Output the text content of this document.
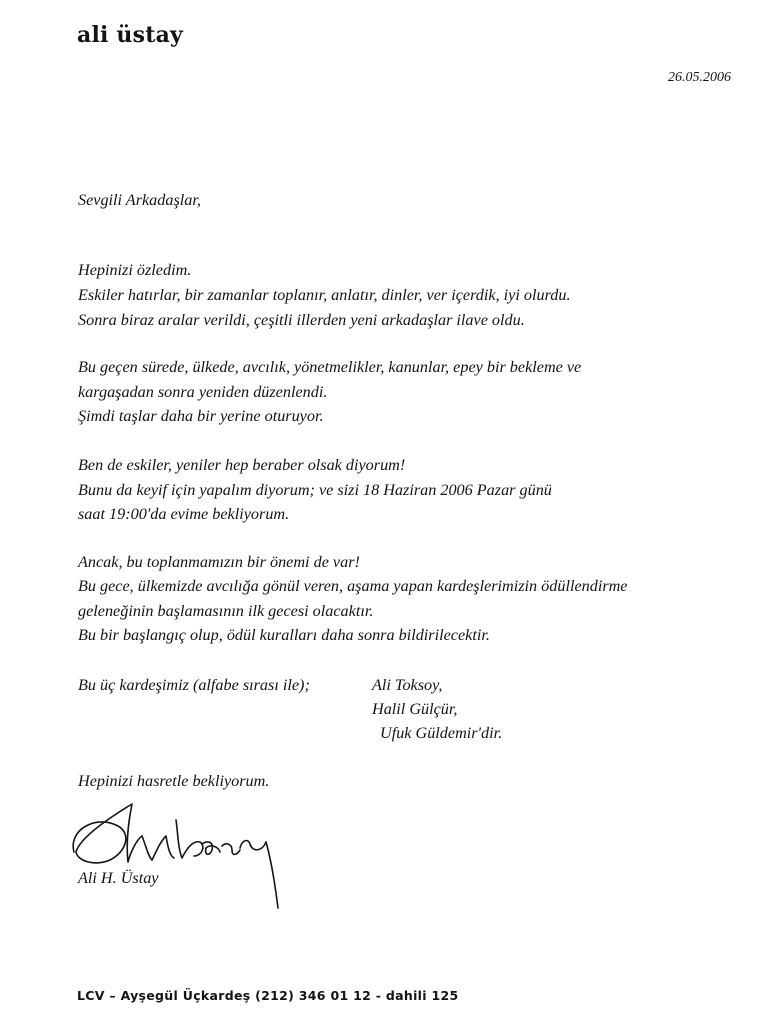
ali üstay
26.05.2006
Sevgili Arkadaşlar,
Hepinizi özledim.
Eskiler hatırlar, bir zamanlar toplanır, anlatır, dinler, ver içerdik, iyi olurdu.
Sonra biraz aralar verildi, çeşitli illerden yeni arkadaşlar ilave oldu.
Bu geçen sürede, ülkede, avcılık, yönetmelikler, kanunlar, epey bir bekleme ve
kargaşadan sonra yeniden düzenlendi.
Şimdi taşlar daha bir yerine oturuyor.
Ben de eskiler, yeniler hep beraber olsak diyorum!
Bunu da keyif için yapalım diyorum; ve sizi 18 Haziran 2006 Pazar günü
saat 19:00'da evime bekliyorum.
Ancak, bu toplanmamızın bir önemi de var!
Bu gece, ülkemizde avcılığa gönül veren, aşama yapan kardeşlerimizin ödüllendirme
geleneğinin başlamasının ilk gecesi olacaktır.
Bu bir başlangıç olup, ödül kuralları daha sonra bildirilecektir.
Bu üç kardeşimiz (alfabe sırası ile);	Ali Toksoy,
Halil Gülçür,
Ufuk Güldemir'dir.
Hepinizi hasretle bekliyorum.
Ali H. Üstay
LCV – Ayşegül Üçkardeş (212) 346 01 12 - dahili 125
